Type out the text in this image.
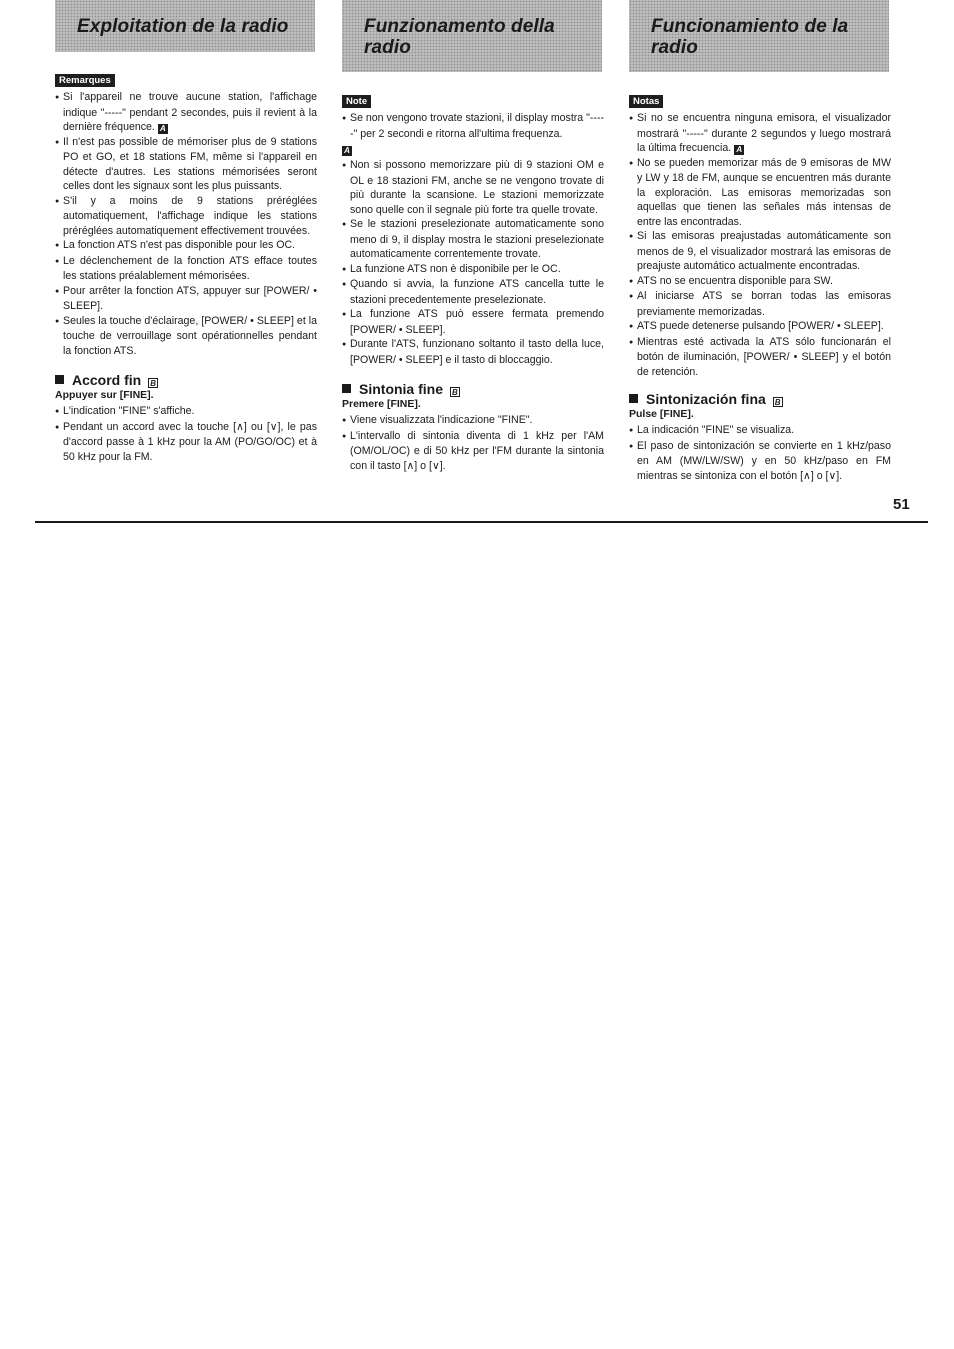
Exploitation de la radio
Remarques
● Si l'appareil ne trouve aucune station, l'affichage indique "-----" pendant 2 secondes, puis il revient à la dernière fréquence. A
● Il n'est pas possible de mémoriser plus de 9 stations PO et GO, et 18 stations FM, même si l'appareil en détecte d'autres. Les stations mémorisées seront celles dont les signaux sont les plus puissants.
● S'il y a moins de 9 stations préréglées automatiquement, l'affichage indique les stations préréglées automatiquement effectivement trouvées.
● La fonction ATS n'est pas disponible pour les OC.
● Le déclenchement de la fonction ATS efface toutes les stations préalablement mémorisées.
● Pour arrêter la fonction ATS, appuyer sur [POWER/ • SLEEP].
● Seules la touche d'éclairage, [POWER/ • SLEEP] et la touche de verrouillage sont opérationnelles pendant la fonction ATS.
Accord fin B

Appuyer sur [FINE].

● L'indication "FINE" s'affiche.
● Pendant un accord avec la touche [∧] ou [∨], le pas d'accord passe à 1 kHz pour la AM (PO/GO/OC) et à 50 kHz pour la FM.
Funzionamento della radio
Note
● Se non vengono trovate stazioni, il display mostra "-----" per 2 secondi e ritorna all'ultima frequenza.

A

● Non si possono memorizzare più di 9 stazioni OM e OL e 18 stazioni FM, anche se ne vengono trovate di più durante la scansione. Le stazioni memorizzate sono quelle con il segnale più forte tra quelle trovate.
● Se le stazioni preselezionate automaticamente sono meno di 9, il display mostra le stazioni preselezionate automaticamente correntemente trovate.
● La funzione ATS non è disponibile per le OC.
● Quando si avvia, la funzione ATS cancella tutte le stazioni precedentemente preselezionate.
● La funzione ATS può essere fermata premendo [POWER/ • SLEEP].
● Durante l'ATS, funzionano soltanto il tasto della luce, [POWER/ • SLEEP] e il tasto di bloccaggio.
Sintonia fine B

Premere [FINE].

● Viene visualizzata l'indicazione "FINE".
● L'intervallo di sintonia diventa di 1 kHz per l'AM (OM/OL/OC) e di 50 kHz per l'FM durante la sintonia con il tasto [∧] o [∨].
Funcionamiento de la radio
Notas
● Si no se encuentra ninguna emisora, el visualizador mostrará "-----" durante 2 segundos y luego mostrará la última frecuencia. A
● No se pueden memorizar más de 9 emisoras de MW y LW y 18 de FM, aunque se encuentren más durante la exploración. Las emisoras memorizadas son aquellas que tienen las señales más intensas de entre las encontradas.
● Si las emisoras preajustadas automáticamente son menos de 9, el visualizador mostrará las emisoras de preajuste automático actualmente encontradas.
● ATS no se encuentra disponible para SW.
● Al iniciarse ATS se borran todas las emisoras previamente memorizadas.
● ATS puede detenerse pulsando [POWER/ • SLEEP].
● Mientras esté activada la ATS sólo funcionarán el botón de iluminación, [POWER/ • SLEEP] y el botón de retención.
Sintonización fina B

Pulse [FINE].

● La indicación "FINE" se visualiza.
● El paso de sintonización se convierte en 1 kHz/paso en AM (MW/LW/SW) y en 50 kHz/paso en FM mientras se sintoniza con el botón [∧] o [∨].
51
